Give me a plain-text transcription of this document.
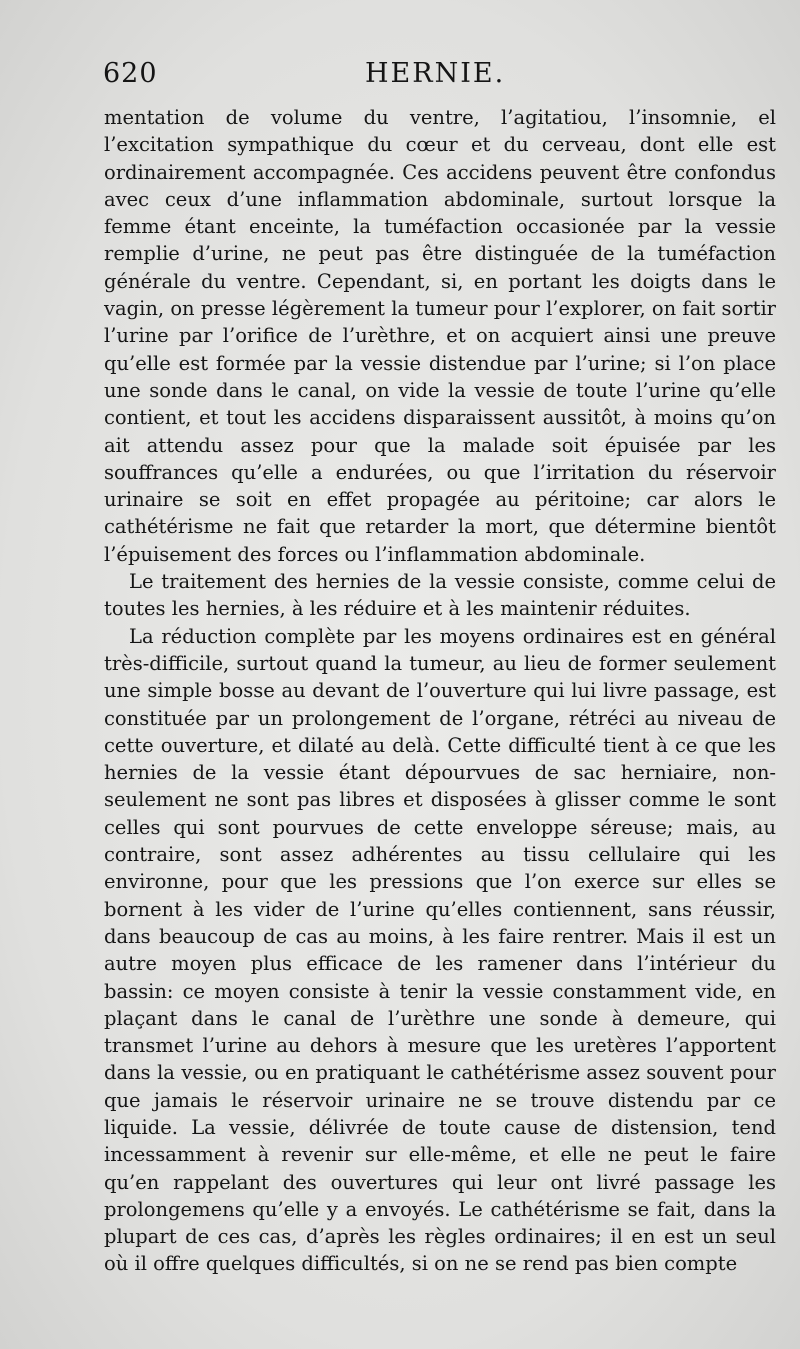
620	HERNIE.

mentation de volume du ventre, l’agitatiou, l’insomnie, el l’excitation sympathique du cœur et du cerveau, dont elle est ordinairement accompagnée. Ces accidens peuvent être confondus avec ceux d’une inflammation abdominale, surtout lorsque la femme étant enceinte, la tuméfaction occasionée par la vessie remplie d’urine, ne peut pas être distinguée de la tuméfaction générale du ventre. Cependant, si, en portant les doigts dans le vagin, on presse légèrement la tumeur pour l’explorer, on fait sortir l’urine par l’orifice de l’urèthre, et on acquiert ainsi une preuve qu’elle est formée par la vessie distendue par l’urine; si l’on place une sonde dans le canal, on vide la vessie de toute l’urine qu’elle contient, et tout les accidens disparaissent aussitôt, à moins qu’on ait attendu assez pour que la malade soit épuisée par les souffrances qu’elle a endurées, ou que l’irritation du réservoir urinaire se soit en effet propagée au péritoine; car alors le cathétérisme ne fait que retarder la mort, que détermine bientôt l’épuisement des forces ou l’inflammation abdominale.

Le traitement des hernies de la vessie consiste, comme celui de toutes les hernies, à les réduire et à les maintenir réduites.

La réduction complète par les moyens ordinaires est en général très-difficile, surtout quand la tumeur, au lieu de former seulement une simple bosse au devant de l’ouverture qui lui livre passage, est constituée par un prolongement de l’organe, rétréci au niveau de cette ouverture, et dilaté au delà. Cette difficulté tient à ce que les hernies de la vessie étant dépourvues de sac herniaire, non-seulement ne sont pas libres et disposées à glisser comme le sont celles qui sont pourvues de cette enveloppe séreuse; mais, au contraire, sont assez adhérentes au tissu cellulaire qui les environne, pour que les pressions que l’on exerce sur elles se bornent à les vider de l’urine qu’elles contiennent, sans réussir, dans beaucoup de cas au moins, à les faire rentrer. Mais il est un autre moyen plus efficace de les ramener dans l’intérieur du bassin: ce moyen consiste à tenir la vessie constamment vide, en plaçant dans le canal de l’urèthre une sonde à demeure, qui transmet l’urine au dehors à mesure que les uretères l’apportent dans la vessie, ou en pratiquant le cathétérisme assez souvent pour que jamais le réservoir urinaire ne se trouve distendu par ce liquide. La vessie, délivrée de toute cause de distension, tend incessamment à revenir sur elle-même, et elle ne peut le faire qu’en rappelant des ouvertures qui leur ont livré passage les prolongemens qu’elle y a envoyés. Le cathétérisme se fait, dans la plupart de ces cas, d’après les règles ordinaires; il en est un seul où il offre quelques difficultés, si on ne se rend pas bien compte
